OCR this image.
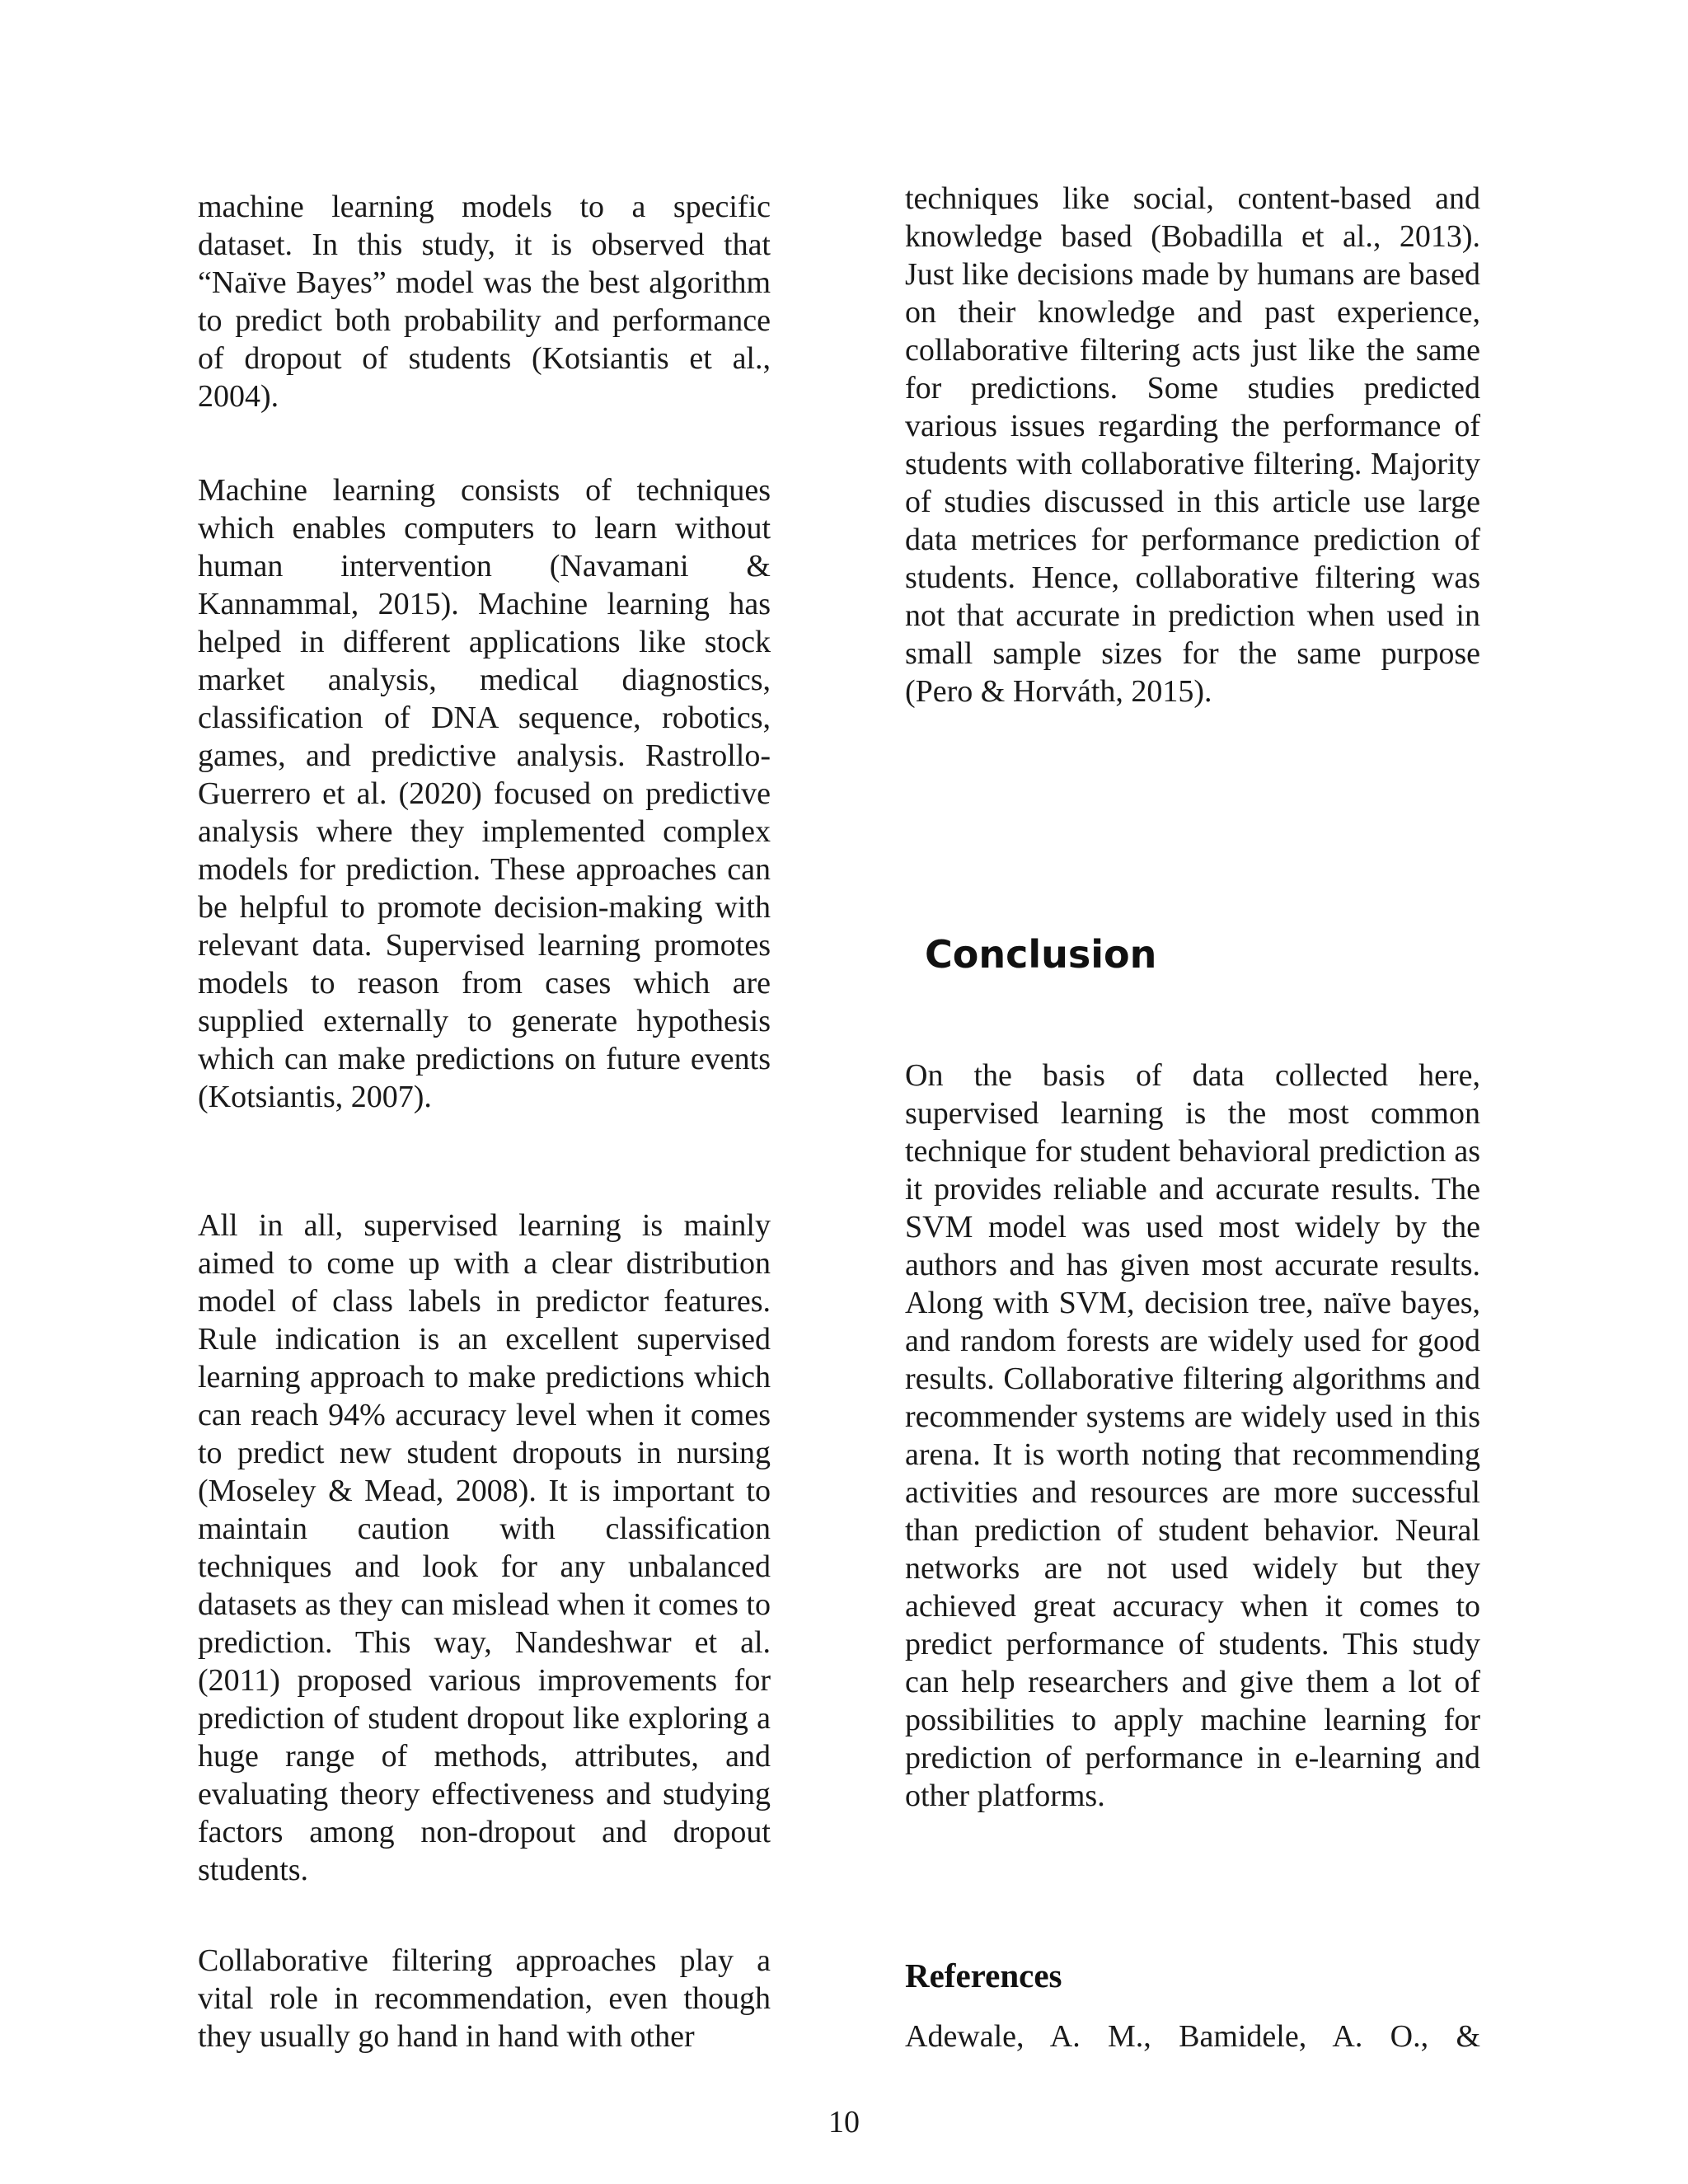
machine learning models to a specific dataset. In this study, it is observed that “Naïve Bayes” model was the best algorithm to predict both probability and performance of dropout of students (Kotsiantis et al., 2004).

Machine learning consists of techniques which enables computers to learn without human intervention (Navamani & Kannammal, 2015). Machine learning has helped in different applications like stock market analysis, medical diagnostics, classification of DNA sequence, robotics, games, and predictive analysis. Rastrollo-Guerrero et al. (2020) focused on predictive analysis where they implemented complex models for prediction. These approaches can be helpful to promote decision-making with relevant data. Supervised learning promotes models to reason from cases which are supplied externally to generate hypothesis which can make predictions on future events (Kotsiantis, 2007).

All in all, supervised learning is mainly aimed to come up with a clear distribution model of class labels in predictor features. Rule indication is an excellent supervised learning approach to make predictions which can reach 94% accuracy level when it comes to predict new student dropouts in nursing (Moseley & Mead, 2008). It is important to maintain caution with classification techniques and look for any unbalanced datasets as they can mislead when it comes to prediction. This way, Nandeshwar et al. (2011) proposed various improvements for prediction of student dropout like exploring a huge range of methods, attributes, and evaluating theory effectiveness and studying factors among non-dropout and dropout students.

Collaborative filtering approaches play a vital role in recommendation, even though they usually go hand in hand with other

techniques like social, content-based and knowledge based (Bobadilla et al., 2013). Just like decisions made by humans are based on their knowledge and past experience, collaborative filtering acts just like the same for predictions. Some studies predicted various issues regarding the performance of students with collaborative filtering. Majority of studies discussed in this article use large data metrices for performance prediction of students. Hence, collaborative filtering was not that accurate in prediction when used in small sample sizes for the same purpose (Pero & Horváth, 2015).

Conclusion

On the basis of data collected here, supervised learning is the most common technique for student behavioral prediction as it provides reliable and accurate results. The SVM model was used most widely by the authors and has given most accurate results. Along with SVM, decision tree, naïve bayes, and random forests are widely used for good results. Collaborative filtering algorithms and recommender systems are widely used in this arena. It is worth noting that recommending activities and resources are more successful than prediction of student behavior. Neural networks are not used widely but they achieved great accuracy when it comes to predict performance of students. This study can help researchers and give them a lot of possibilities to apply machine learning for prediction of performance in e-learning and other platforms.

References

Adewale, A. M., Bamidele, A. O., &

10
